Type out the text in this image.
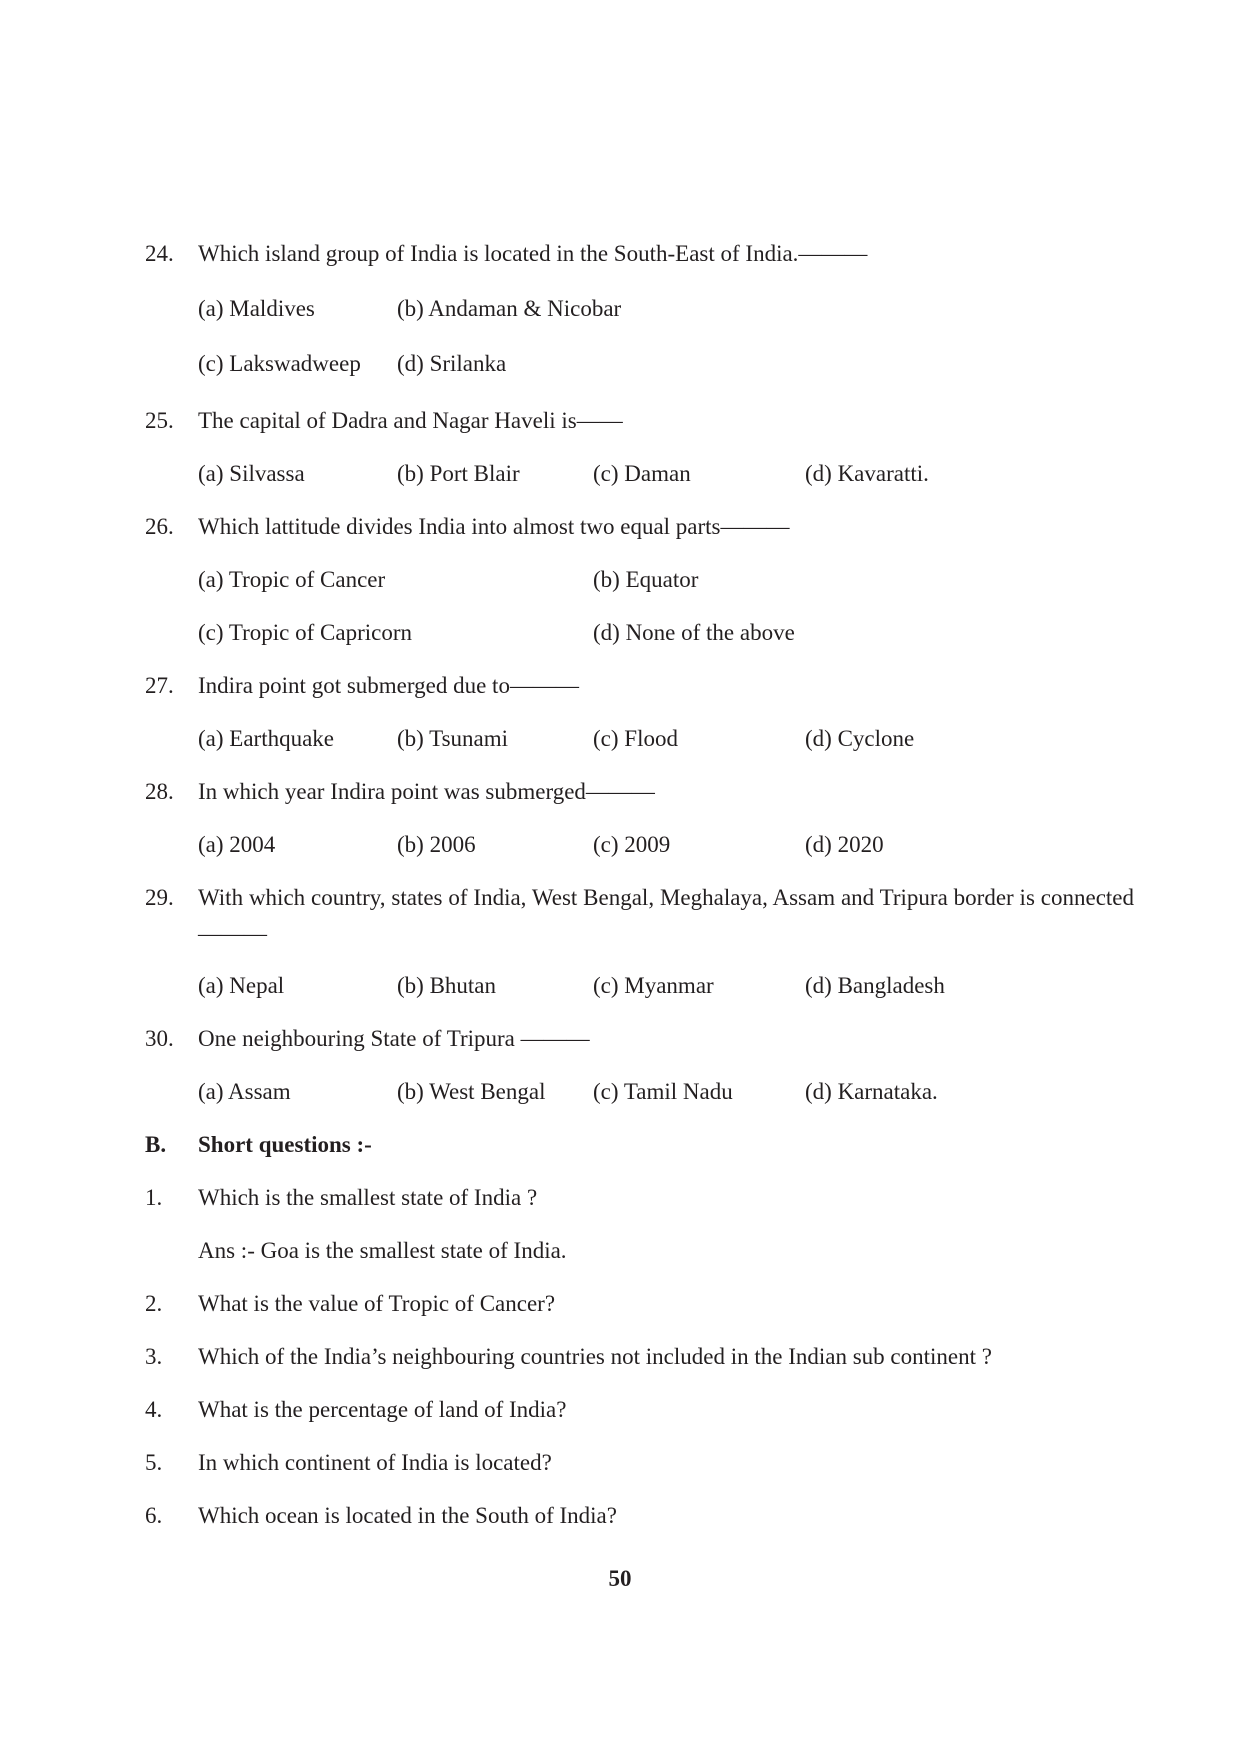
24. Which island group of India is located in the South-East of India.———
(a) Maldives	(b) Andaman & Nicobar
(c) Lakswadweep (d) Srilanka
25. The capital of Dadra and Nagar Haveli is——
(a) Silvassa	(b) Port Blair	(c) Daman	(d) Kavaratti.
26. Which lattitude divides India into almost two equal parts———
(a) Tropic of Cancer	(b) Equator
(c) Tropic of Capricorn	(d) None of the above
27. Indira point got submerged due to———
(a) Earthquake	(b) Tsunami	(c) Flood	(d) Cyclone
28. In which year Indira point was submerged———
(a) 2004	(b) 2006	(c) 2009	(d) 2020
29. With which country, states of India, West Bengal, Meghalaya, Assam and Tripura border is connected ———
(a) Nepal	(b) Bhutan	(c) Myanmar	(d) Bangladesh
30. One neighbouring State of Tripura ———
(a) Assam	(b) West Bengal (c) Tamil Nadu	(d) Karnataka.
B. Short questions :-
1. Which is the smallest state of India ?
Ans :- Goa is the smallest state of India.
2. What is the value of Tropic of Cancer?
3. Which of the India’s neighbouring countries not included in the Indian sub continent ?
4. What is the percentage of land of India?
5. In which continent of India is located?
6. Which ocean is located in the South of India?
50
